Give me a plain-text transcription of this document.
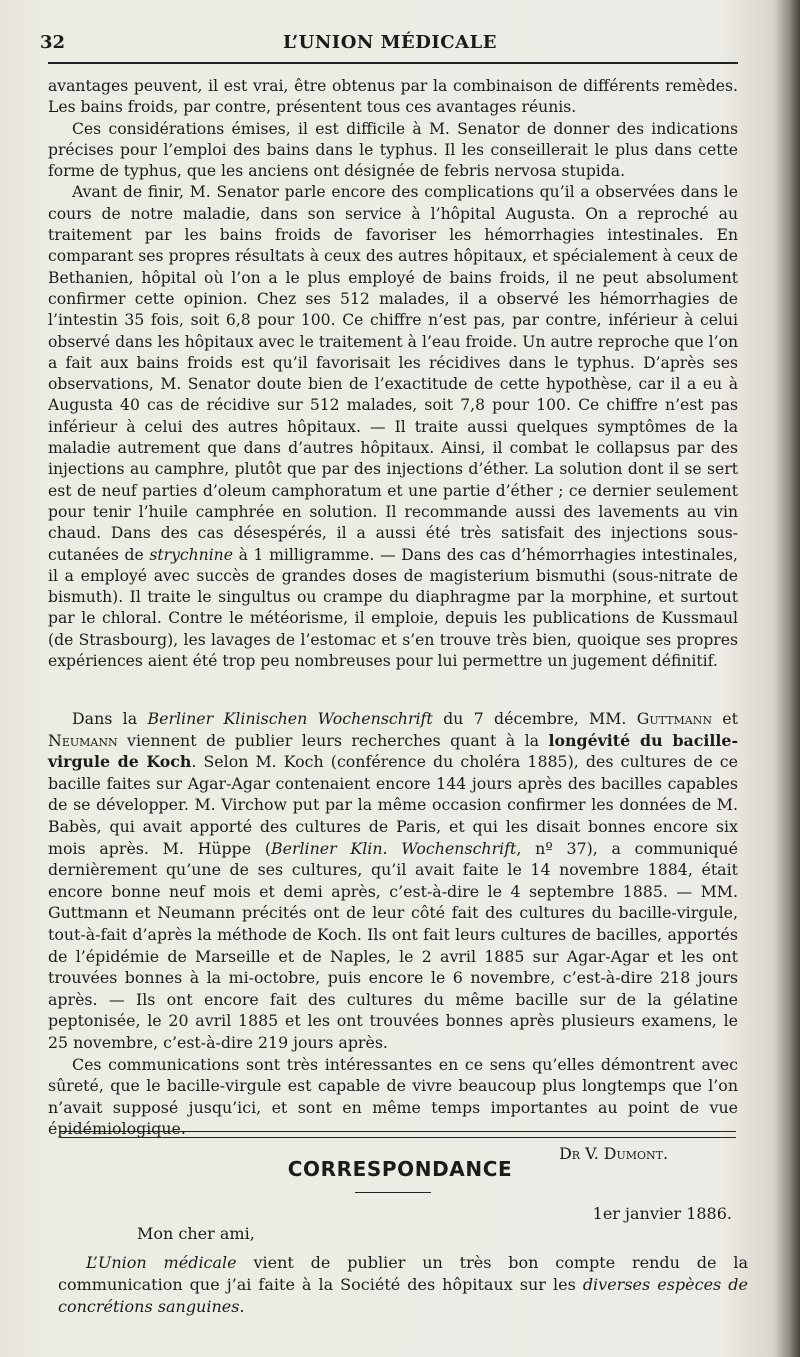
32	L’UNION MÉDICALE

avantages peuvent, il est vrai, être obtenus par la combinaison de différents remèdes. Les bains froids, par contre, présentent tous ces avantages réunis.

Ces considérations émises, il est difficile à M. Senator de donner des indications précises pour l’emploi des bains dans le typhus. Il les conseillerait le plus dans cette forme de typhus, que les anciens ont désignée de febris nervosa stupida.

Avant de finir, M. Senator parle encore des complications qu’il a observées dans le cours de notre maladie, dans son service à l’hôpital Augusta. On a reproché au traitement par les bains froids de favoriser les hémorrhagies intestinales. En comparant ses propres résultats à ceux des autres hôpitaux, et spécialement à ceux de Bethanien, hôpital où l’on a le plus employé de bains froids, il ne peut absolument confirmer cette opinion. Chez ses 512 malades, il a observé les hémorrhagies de l’intestin 35 fois, soit 6,8 pour 100. Ce chiffre n’est pas, par contre, inférieur à celui observé dans les hôpitaux avec le traitement à l’eau froide. Un autre reproche que l’on a fait aux bains froids est qu’il favorisait les récidives dans le typhus. D’après ses observations, M. Senator doute bien de l’exactitude de cette hypothèse, car il a eu à Augusta 40 cas de récidive sur 512 malades, soit 7,8 pour 100. Ce chiffre n’est pas inférieur à celui des autres hôpitaux. — Il traite aussi quelques symptômes de la maladie autrement que dans d’autres hôpitaux. Ainsi, il combat le collapsus par des injections au camphre, plutôt que par des injections d’éther. La solution dont il se sert est de neuf parties d’oleum camphoratum et une partie d’éther ; ce dernier seulement pour tenir l’huile camphrée en solution. Il recommande aussi des lavements au vin chaud. Dans des cas désespérés, il a aussi été très satisfait des injections sous-cutanées de strychnine à 1 milligramme. — Dans des cas d’hémorrhagies intestinales, il a employé avec succès de grandes doses de magisterium bismuthi (sous-nitrate de bismuth). Il traite le singultus ou crampe du diaphragme par la morphine, et surtout par le chloral. Contre le météorisme, il emploie, depuis les publications de Kussmaul (de Strasbourg), les lavages de l’estomac et s’en trouve très bien, quoique ses propres expériences aient été trop peu nombreuses pour lui permettre un jugement définitif.

Dans la Berliner Klinischen Wochenschrift du 7 décembre, MM. Guttmann et Neumann viennent de publier leurs recherches quant à la longévité du bacille-virgule de Koch. Selon M. Koch (conférence du choléra 1885), des cultures de ce bacille faites sur Agar-Agar contenaient encore 144 jours après des bacilles capables de se développer. M. Virchow put par la même occasion confirmer les données de M. Babès, qui avait apporté des cultures de Paris, et qui les disait bonnes encore six mois après. M. Hüppe (Berliner Klin. Wochenschrift, nº 37), a communiqué dernièrement qu’une de ses cultures, qu’il avait faite le 14 novembre 1884, était encore bonne neuf mois et demi après, c’est-à-dire le 4 septembre 1885. — MM. Guttmann et Neumann précités ont de leur côté fait des cultures du bacille-virgule, tout-à-fait d’après la méthode de Koch. Ils ont fait leurs cultures de bacilles, apportés de l’épidémie de Marseille et de Naples, le 2 avril 1885 sur Agar-Agar et les ont trouvées bonnes à la mi-octobre, puis encore le 6 novembre, c’est-à-dire 218 jours après. — Ils ont encore fait des cultures du même bacille sur de la gélatine peptonisée, le 20 avril 1885 et les ont trouvées bonnes après plusieurs examens, le 25 novembre, c’est-à-dire 219 jours après.

Ces communications sont très intéressantes en ce sens qu’elles démontrent avec sûreté, que le bacille-virgule est capable de vivre beaucoup plus longtemps que l’on n’avait supposé jusqu’ici, et sont en même temps importantes au point de vue épidémiologique.

Dr V. Dumont.
CORRESPONDANCE
1er janvier 1886.
Mon cher ami,

L’Union médicale vient de publier un très bon compte rendu de la communication que j’ai faite à la Société des hôpitaux sur les diverses espèces de concrétions sanguines.
